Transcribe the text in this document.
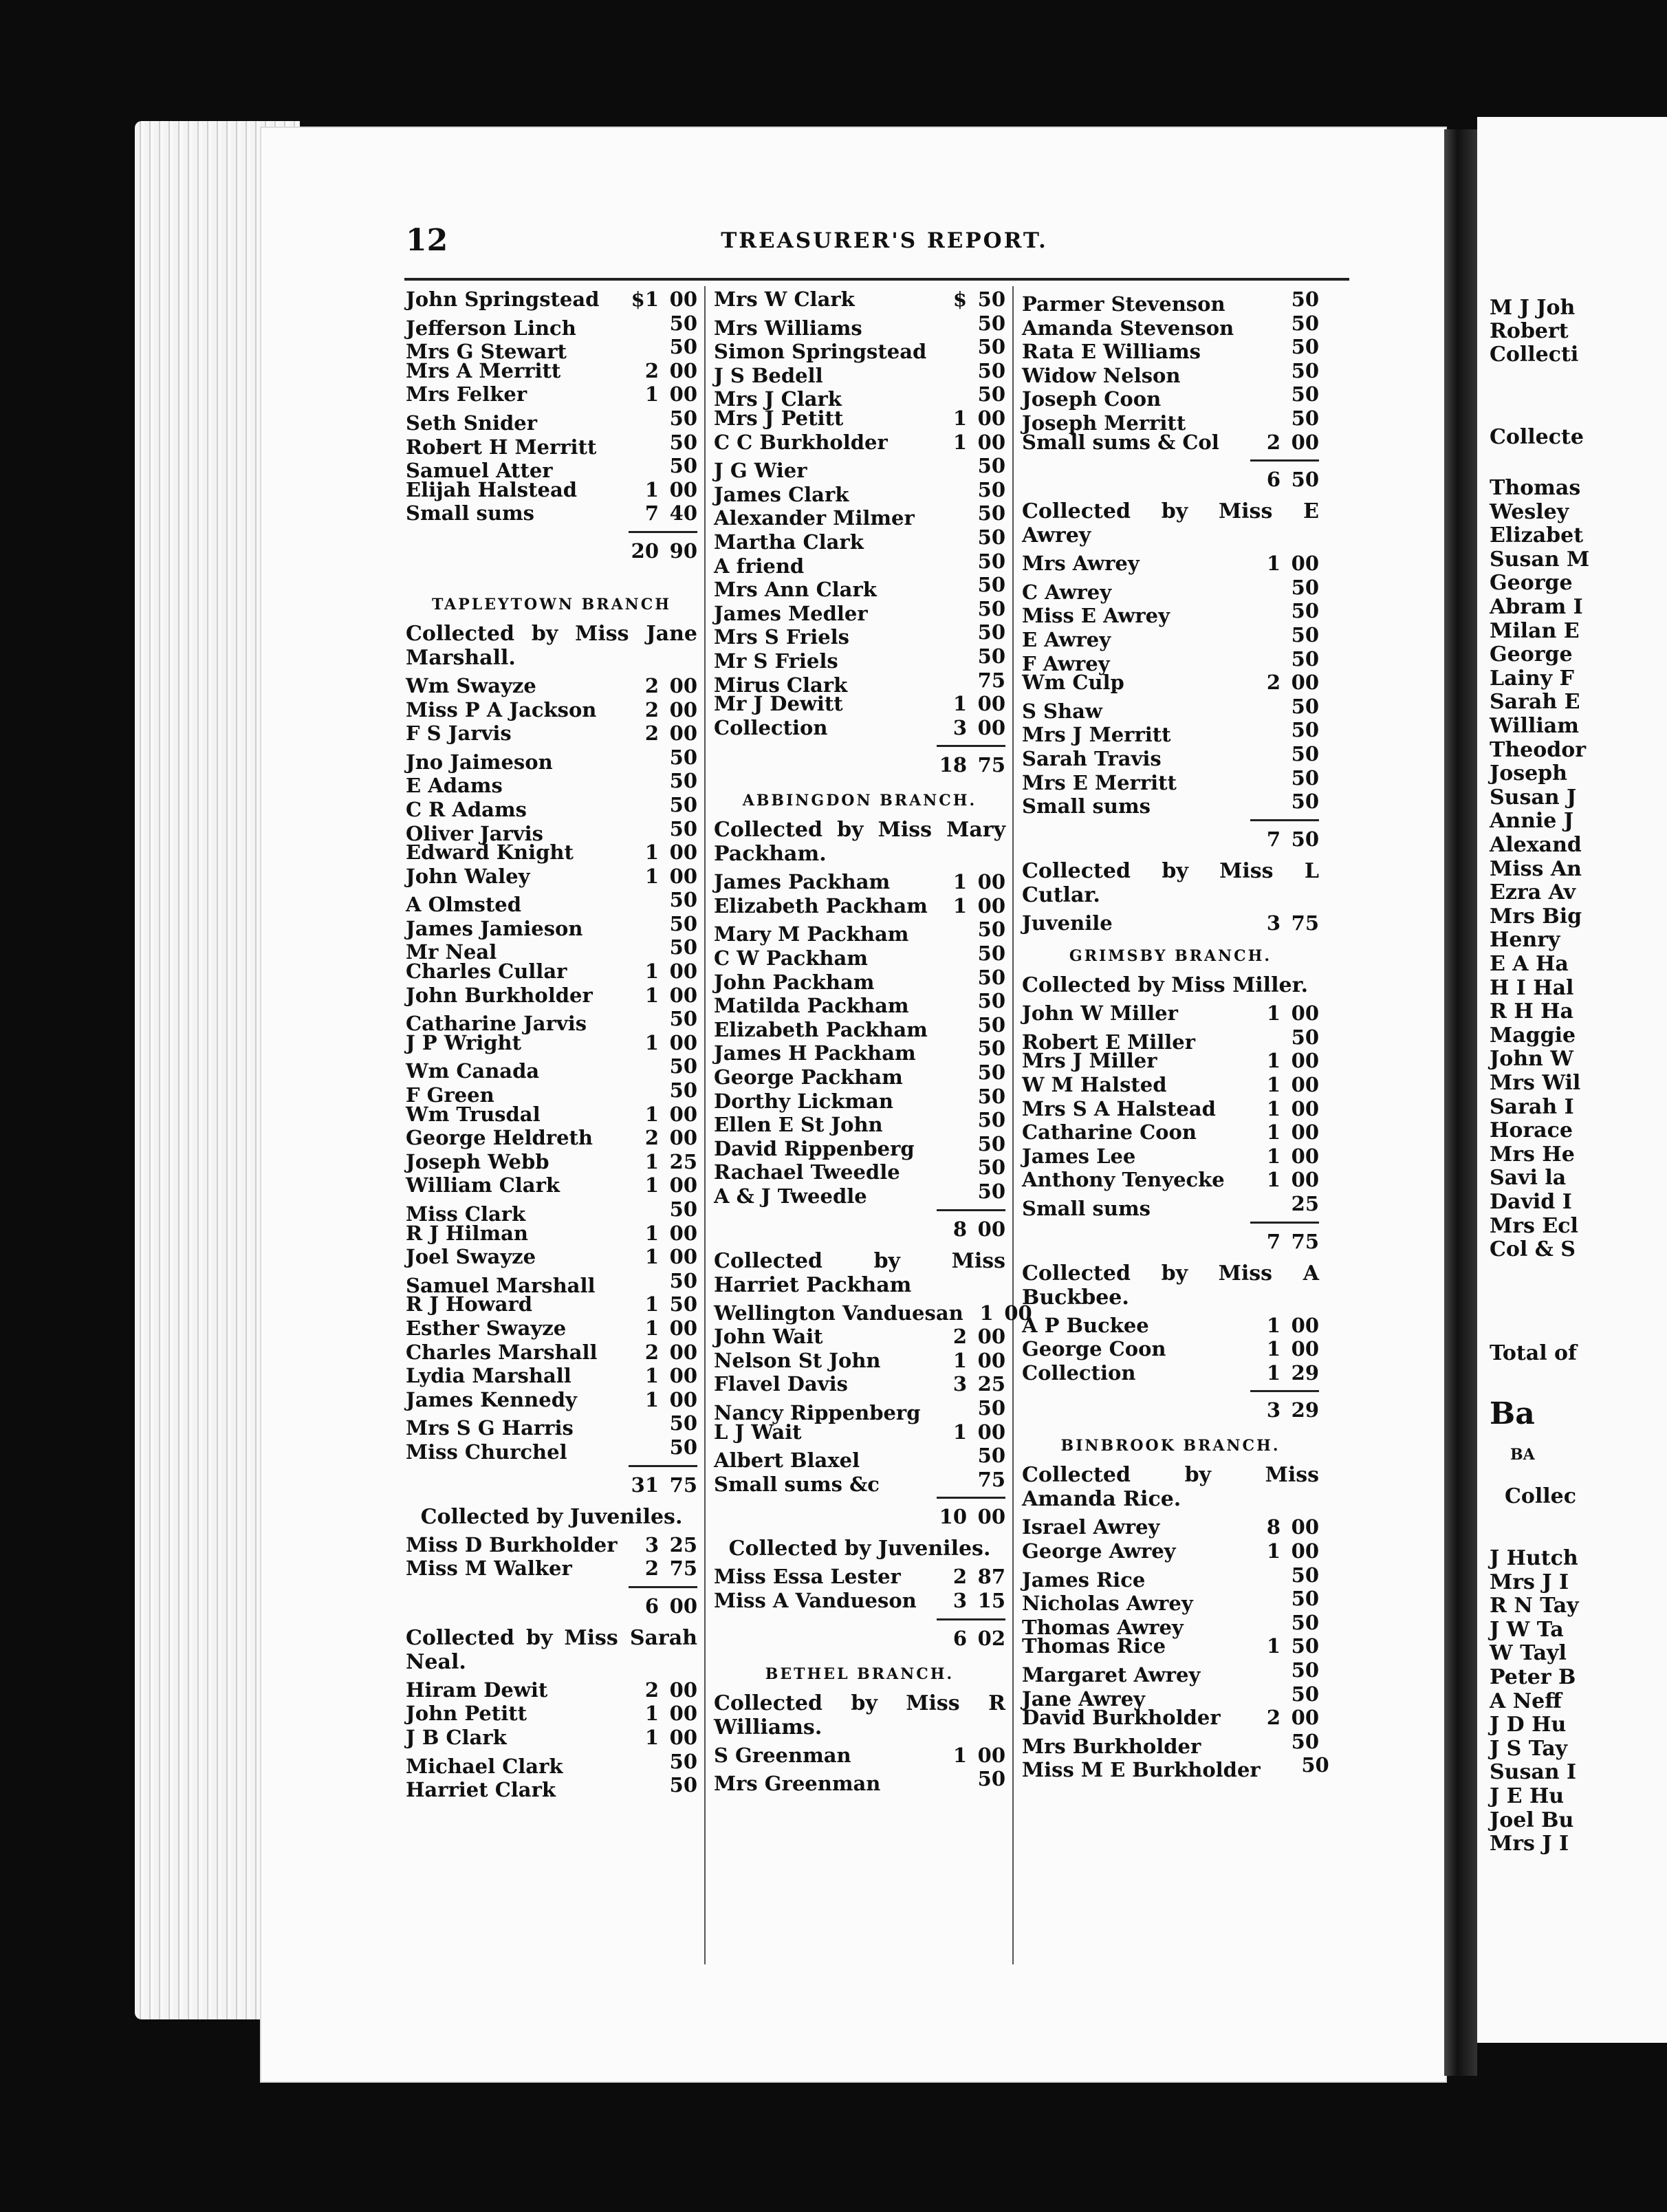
12	TREASURER'S REPORT.
John Springstead	$1 00
Jefferson Linch	50
Mrs G Stewart	50
Mrs A Merritt	2 00
Mrs Felker	1 00
Seth Snider	50
Robert H Merritt	50
Samuel Atter	50
Elijah Halstead	1 00
Small sums	7 40
20 90
TAPLEYTOWN BRANCH
Collected by Miss Jane Marshall.
Wm Swayze	2 00
Miss P A Jackson	2 00
F S Jarvis	2 00
Jno Jaimeson	50
E Adams	50
C R Adams	50
Oliver Jarvis	50
Edward Knight	1 00
John Waley	1 00
A Olmsted	50
James Jamieson	50
Mr Neal	50
Charles Cullar	1 00
John Burkholder	1 00
Catharine Jarvis	50
J P Wright	1 00
Wm Canada	50
F Green	50
Wm Trusdal	1 00
George Heldreth	2 00
Joseph Webb	1 25
William Clark	1 00
Miss Clark	50
R J Hilman	1 00
Joel Swayze	1 00
Samuel Marshall	50
R J Howard	1 50
Esther Swayze	1 00
Charles Marshall	2 00
Lydia Marshall	1 00
James Kennedy	1 00
Mrs S G Harris	50
Miss Churchel	50
31 75
Collected by Juveniles.
Miss D Burkholder	3 25
Miss M Walker	2 75
6 00
Collected by Miss Sarah Neal.
Hiram Dewit	2 00
John Petitt	1 00
J B Clark	1 00
Michael Clark	50
Harriet Clark	50
Mrs W Clark	$ 50
Mrs Williams	50
Simon Springstead	50
J S Bedell	50
Mrs J Clark	50
Mrs J Petitt	1 00
C C Burkholder	1 00
J G Wier	50
James Clark	50
Alexander Milmer	50
Martha Clark	50
A friend	50
Mrs Ann Clark	50
James Medler	50
Mrs S Friels	50
Mr S Friels	50
Mirus Clark	75
Mr J Dewitt	1 00
Collection	3 00
18 75
ABBINGDON BRANCH.
Collected by Miss Mary Packham.
James Packham	1 00
Elizabeth Packham	1 00
Mary M Packham	50
C W Packham	50
John Packham	50
Matilda Packham	50
Elizabeth Packham	50
James H Packham	50
George Packham	50
Dorthy Lickman	50
Ellen E St John	50
David Rippenberg	50
Rachael Tweedle	50
A & J Tweedle	50
8 00
Collected by Miss Harriet Packham
Wellington Vanduesan 1 00
John Wait	2 00
Nelson St John	1 00
Flavel Davis	3 25
Nancy Rippenberg	50
L J Wait	1 00
Albert Blaxel	50
Small sums &c	75
10 00
Collected by Juveniles.
Miss Essa Lester	2 87
Miss A Vandueson	3 15
6 02
BETHEL BRANCH.
Collected by Miss R Williams.
S Greenman	1 00
Mrs Greenman	50
Parmer Stevenson	50
Amanda Stevenson	50
Rata E Williams	50
Widow Nelson	50
Joseph Coon	50
Joseph Merritt	50
Small sums & Col	2 00
6 50
Collected by Miss E Awrey
Mrs Awrey	1 00
C Awrey	50
Miss E Awrey	50
E Awrey	50
F Awrey	50
Wm Culp	2 00
S Shaw	50
Mrs J Merritt	50
Sarah Travis	50
Mrs E Merritt	50
Small sums	50
7 50
Collected by Miss L Cutlar.
Juvenile	3 75
GRIMSBY BRANCH.
Collected by Miss Miller.
John W Miller	1 00
Robert E Miller	50
Mrs J Miller	1 00
W M Halsted	1 00
Mrs S A Halstead	1 00
Catharine Coon	1 00
James Lee	1 00
Anthony Tenyecke	1 00
Small sums	25
7 75
Collected by Miss A Buckbee.
A P Buckee	1 00
George Coon	1 00
Collection	1 29
3 29
BINBROOK BRANCH.
Collected by Miss Amanda Rice.
Israel Awrey	8 00
George Awrey	1 00
James Rice	50
Nicholas Awrey	50
Thomas Awrey	50
Thomas Rice	1 50
Margaret Awrey	50
Jane Awrey	50
David Burkholder	2 00
Mrs Burkholder	50
Miss M E Burkholder	50
M J Joh
Robert
Collecti
Collecte
Thomas
Wesley
Elizabet
Susan M
George
Abram I
Milan E
George
Lainy F
Sarah E
William
Theodor
Joseph
Susan J
Annie J
Alexand
Miss An
Ezra Av
Mrs Big
Henry
E A Ha
H I Hal
R H Ha
Maggie
John W
Mrs Wil
Sarah I
Horace
Mrs He
Savi la
David I
Mrs Ecl
Col & S
Total of
Ba
BA
Collec
J Hutch
Mrs J I
R N Tay
J W Ta
W Tayl
Peter B
A Neff
J D Hu
J S Tay
Susan I
J E Hu
Joel Bu
Mrs J I
